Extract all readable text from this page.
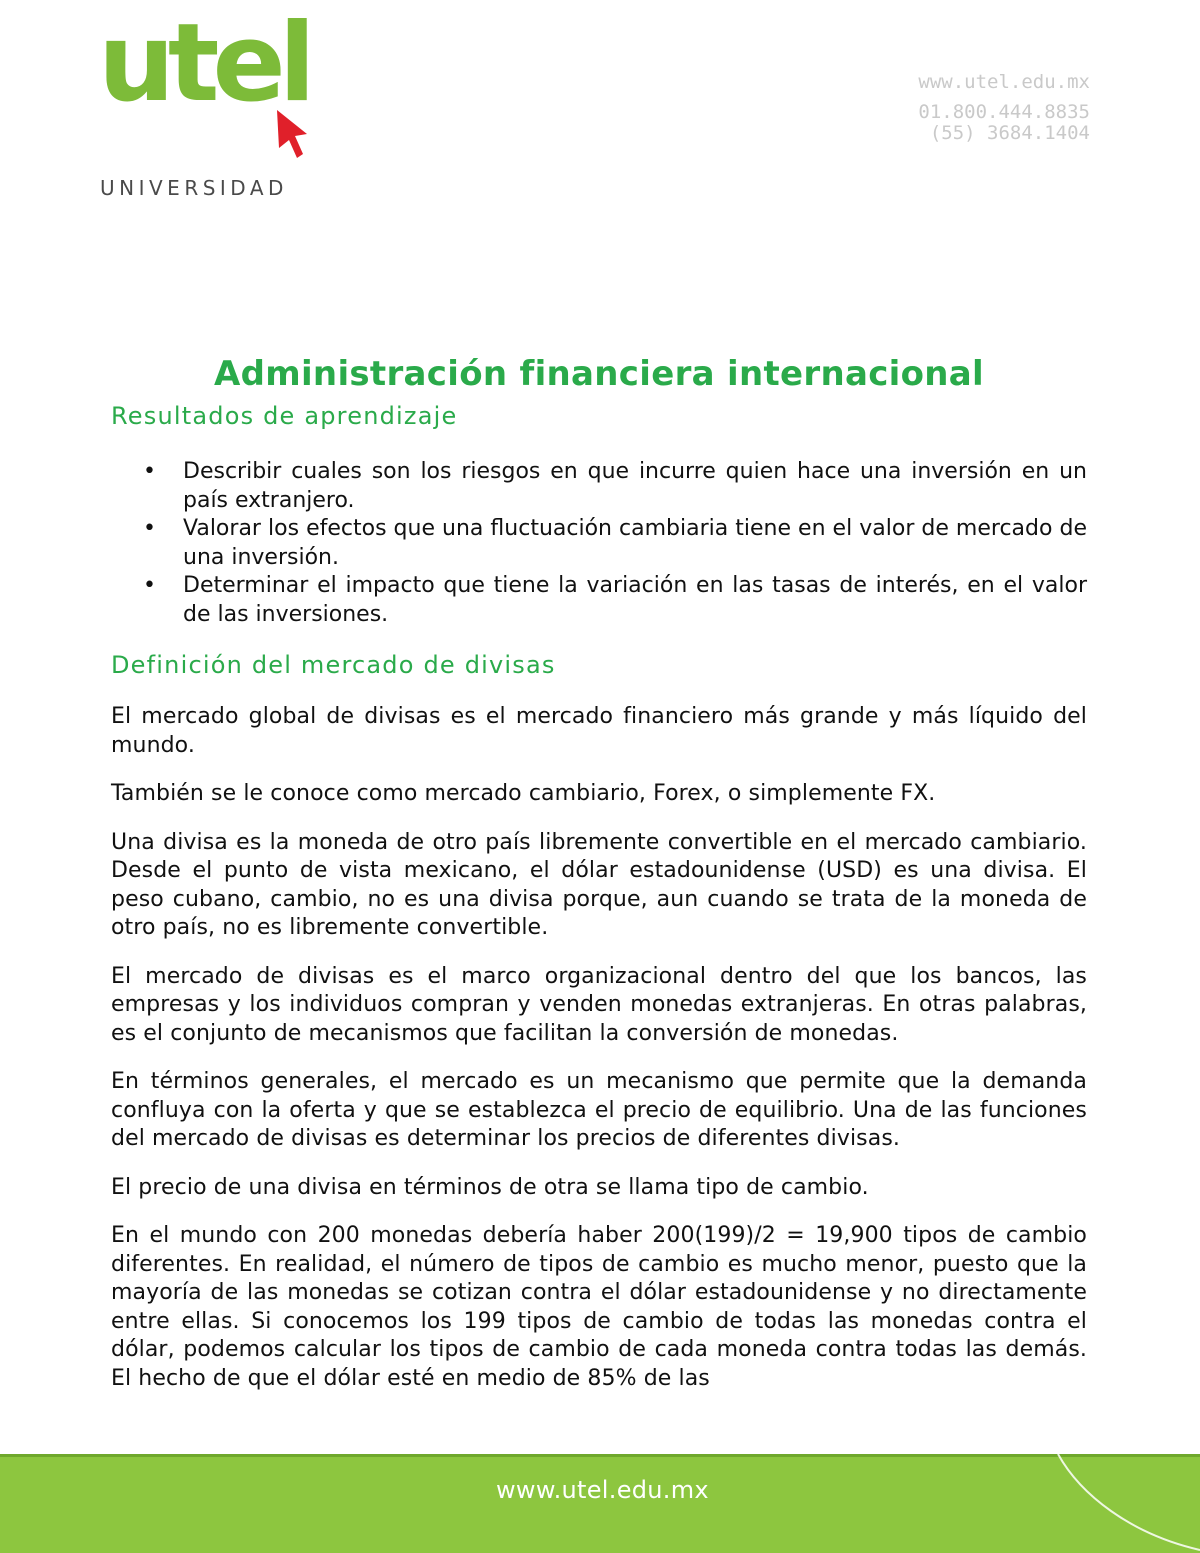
utel
UNIVERSIDAD
www.utel.edu.mx
01.800.444.8835
(55) 3684.1404
Administración financiera internacional
Resultados de aprendizaje
• Describir cuales son los riesgos en que incurre quien hace una inversión en un país extranjero.
• Valorar los efectos que una fluctuación cambiaria tiene en el valor de mercado de una inversión.
• Determinar el impacto que tiene la variación en las tasas de interés, en el valor de las inversiones.
Definición del mercado de divisas

El mercado global de divisas es el mercado financiero más grande y más líquido del mundo.

También se le conoce como mercado cambiario, Forex, o simplemente FX.

Una divisa es la moneda de otro país libremente convertible en el mercado cambiario. Desde el punto de vista mexicano, el dólar estadounidense (USD) es una divisa. El peso cubano, cambio, no es una divisa porque, aun cuando se trata de la moneda de otro país, no es libremente convertible.

El mercado de divisas es el marco organizacional dentro del que los bancos, las empresas y los individuos compran y venden monedas extranjeras. En otras palabras, es el conjunto de mecanismos que facilitan la conversión de monedas.

En términos generales, el mercado es un mecanismo que permite que la demanda confluya con la oferta y que se establezca el precio de equilibrio. Una de las funciones del mercado de divisas es determinar los precios de diferentes divisas.

El precio de una divisa en términos de otra se llama tipo de cambio.

En el mundo con 200 monedas debería haber 200(199)/2 = 19,900 tipos de cambio diferentes. En realidad, el número de tipos de cambio es mucho menor, puesto que la mayoría de las monedas se cotizan contra el dólar estadounidense y no directamente entre ellas. Si conocemos los 199 tipos de cambio de todas las monedas contra el dólar, podemos calcular los tipos de cambio de cada moneda contra todas las demás. El hecho de que el dólar esté en medio de 85% de las

www.utel.edu.mx
